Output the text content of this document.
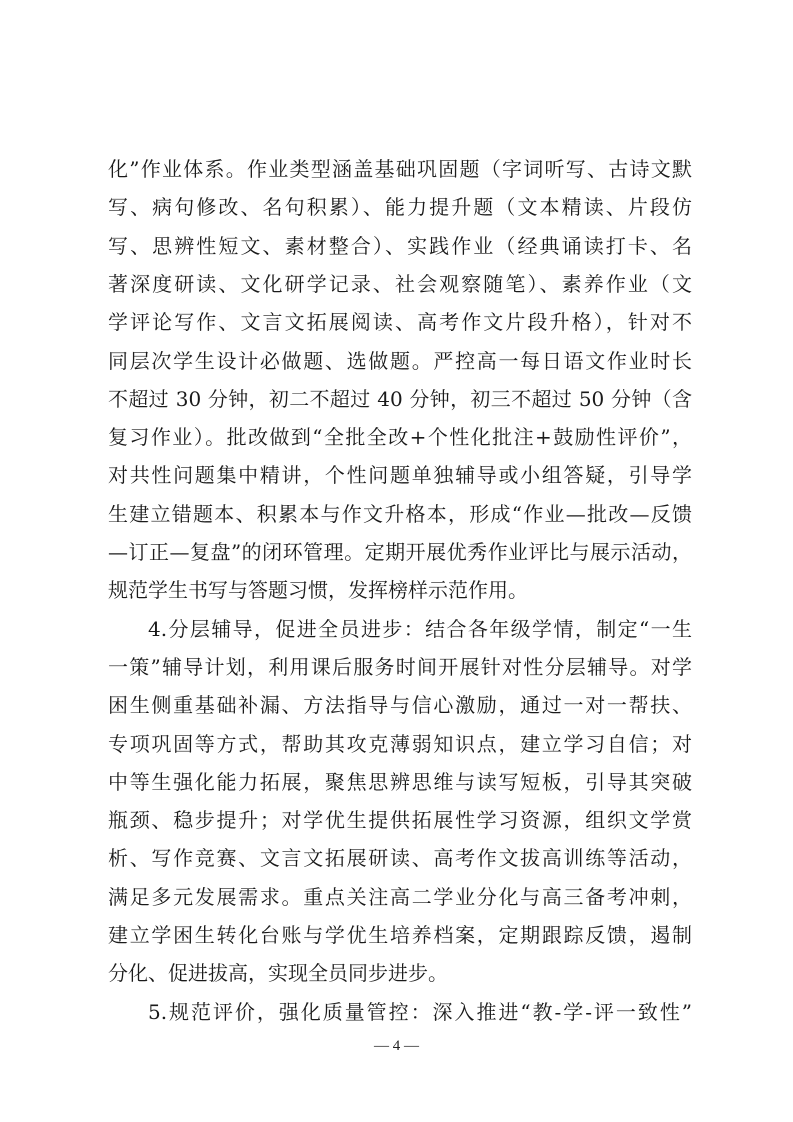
化”作业体系。作业类型涵盖基础巩固题（字词听写、古诗文默
写、病句修改、名句积累）、能力提升题（文本精读、片段仿
写、思辨性短文、素材整合）、实践作业（经典诵读打卡、名
著深度研读、文化研学记录、社会观察随笔）、素养作业（文
学评论写作、文言文拓展阅读、高考作文片段升格），针对不
同层次学生设计必做题、选做题。严控高一每日语文作业时长
不超过 30 分钟，初二不超过 40 分钟，初三不超过 50 分钟（含
复习作业）。批改做到“全批全改+个性化批注+鼓励性评价”，
对共性问题集中精讲，个性问题单独辅导或小组答疑，引导学
生建立错题本、积累本与作文升格本，形成“作业—批改—反馈
—订正—复盘”的闭环管理。定期开展优秀作业评比与展示活动，
规范学生书写与答题习惯，发挥榜样示范作用。
4.分层辅导，促进全员进步：结合各年级学情，制定“一生
一策”辅导计划，利用课后服务时间开展针对性分层辅导。对学
困生侧重基础补漏、方法指导与信心激励，通过一对一帮扶、
专项巩固等方式，帮助其攻克薄弱知识点，建立学习自信；对
中等生强化能力拓展，聚焦思辨思维与读写短板，引导其突破
瓶颈、稳步提升；对学优生提供拓展性学习资源，组织文学赏
析、写作竞赛、文言文拓展研读、高考作文拔高训练等活动，
满足多元发展需求。重点关注高二学业分化与高三备考冲刺，
建立学困生转化台账与学优生培养档案，定期跟踪反馈，遏制
分化、促进拔高，实现全员同步进步。
5.规范评价，强化质量管控：深入推进“教-学-评一致性”
— 4 —
